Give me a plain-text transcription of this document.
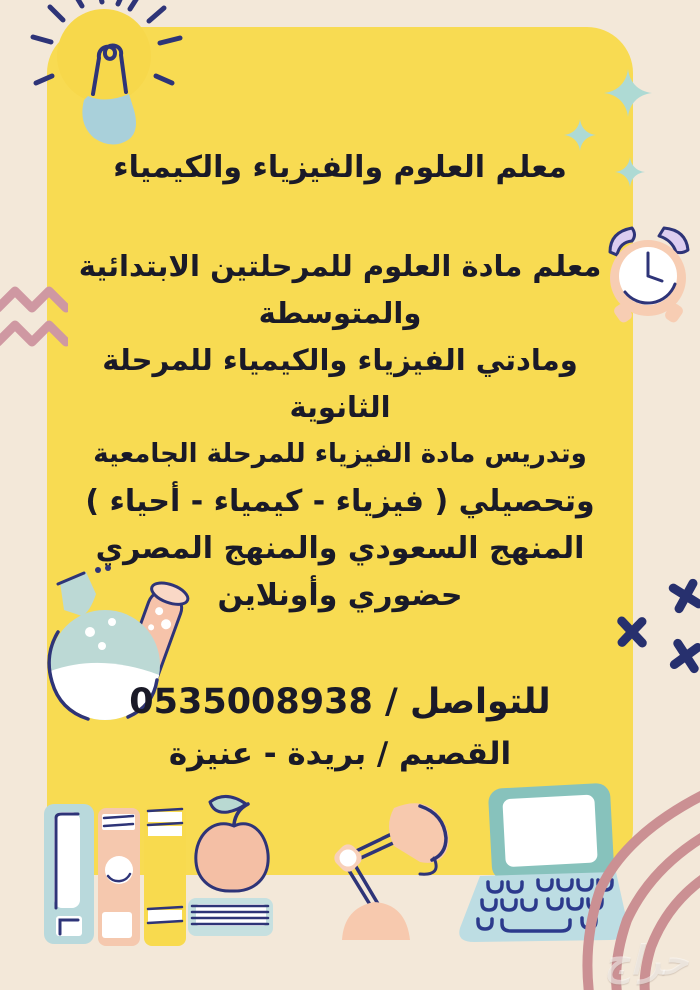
معلم العلوم والفيزياء والكيمياء
معلم مادة العلوم للمرحلتين الابتدائية
والمتوسطة
ومادتي الفيزياء والكيمياء للمرحلة
الثانوية
وتدريس مادة الفيزياء للمرحلة الجامعية
وتحصيلي ( فيزياء - كيمياء - أحياء )
المنهج السعودي والمنهج المصري
حضوري وأونلاين
للتواصل / 0535008938
القصيم / بريدة - عنيزة
حراج
